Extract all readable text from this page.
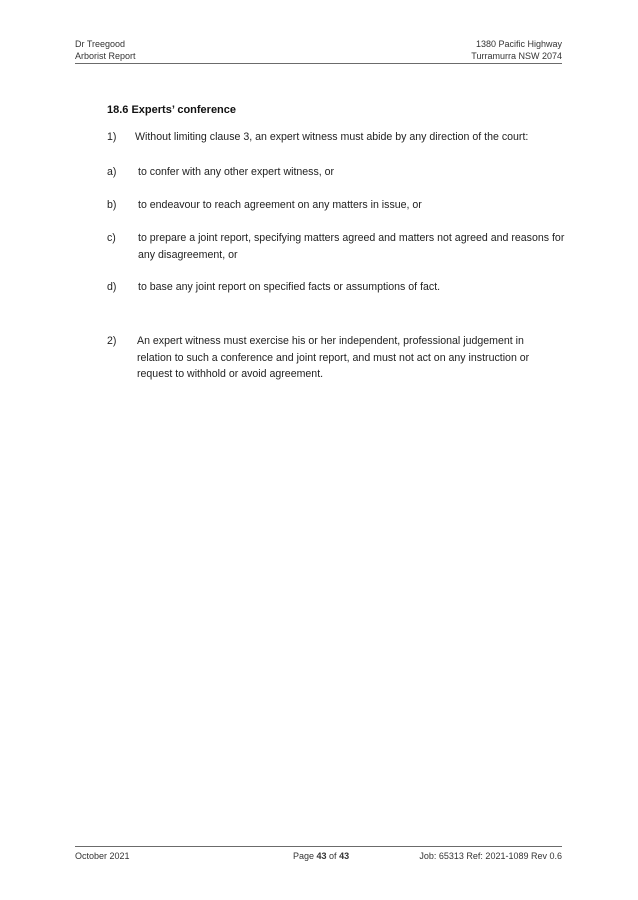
Dr Treegood
Arborist Report
1380 Pacific Highway
Turramurra NSW 2074
18.6 Experts’ conference
1)	Without limiting clause 3, an expert witness must abide by any direction of the court:
a)	to confer with any other expert witness, or
b)	to endeavour to reach agreement on any matters in issue, or
c)	to prepare a joint report, specifying matters agreed and matters not agreed and reasons for any disagreement, or
d)	to base any joint report on specified facts or assumptions of fact.
2)	An expert witness must exercise his or her independent, professional judgement in relation to such a conference and joint report, and must not act on any instruction or request to withhold or avoid agreement.
October 2021	Page 43 of 43	Job: 65313 Ref: 2021-1089 Rev 0.6
